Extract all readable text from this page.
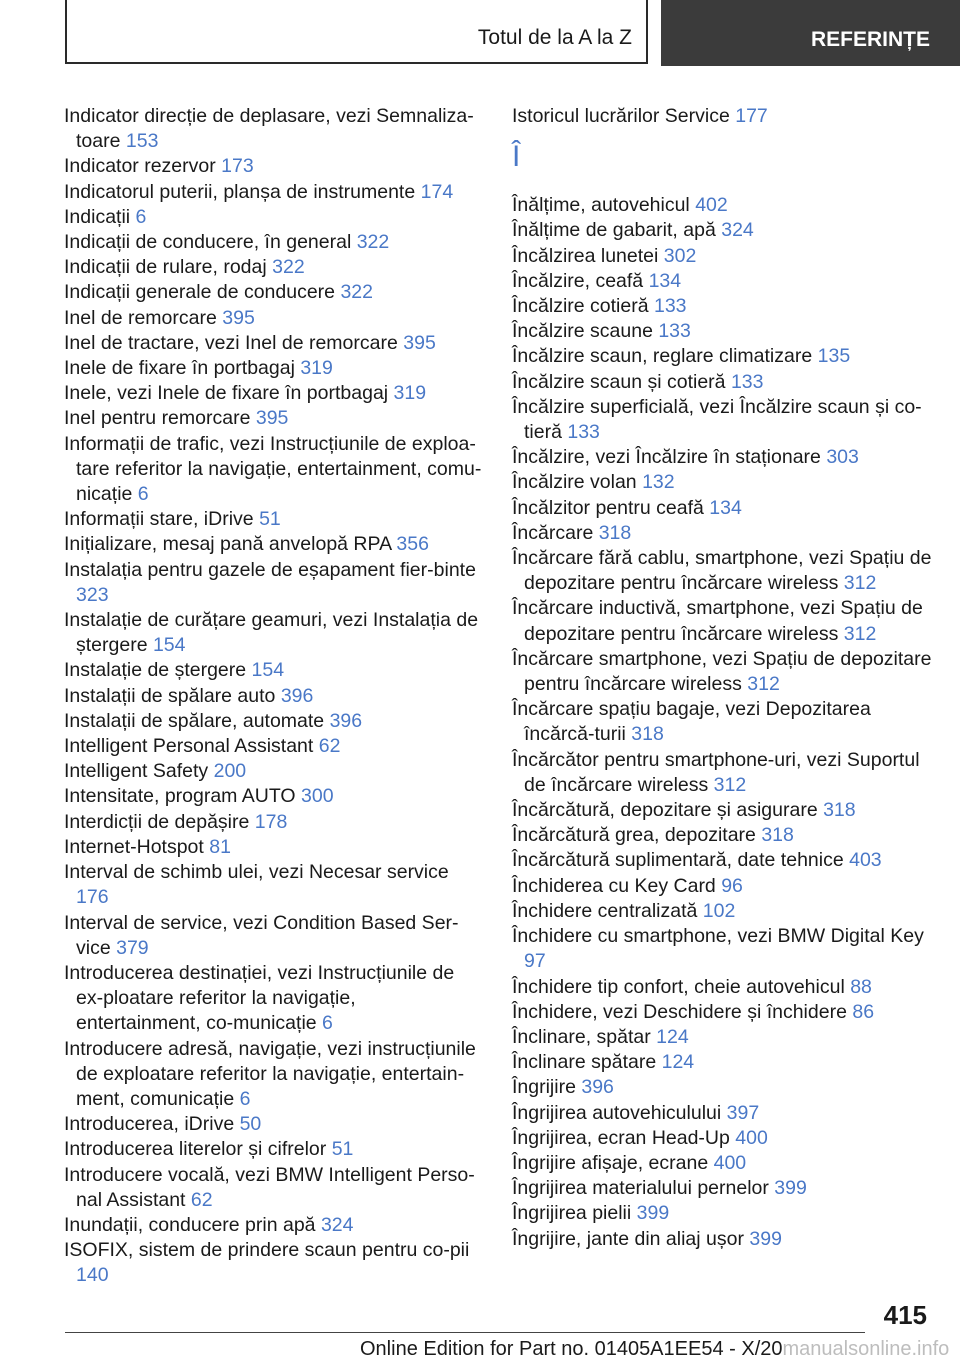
Totul de la A la Z	REFERINȚE
Indicator direcție de deplasare, vezi Semnaliza‐toare 153
Indicator rezervor 173
Indicatorul puterii, planșa de instrumente 174
Indicații 6
Indicații de conducere, în general 322
Indicații de rulare, rodaj 322
Indicații generale de conducere 322
Inel de remorcare 395
Inel de tractare, vezi Inel de remorcare 395
Inele de fixare în portbagaj 319
Inele, vezi Inele de fixare în portbagaj 319
Inel pentru remorcare 395
Informații de trafic, vezi Instrucțiunile de exploa‐tare referitor la navigație, entertainment, comu‐nicație 6
Informații stare, iDrive 51
Inițializare, mesaj pană anvelopă RPA 356
Instalația pentru gazele de eșapament fier‐binte 323
Instalație de curățare geamuri, vezi Instalația de ștergere 154
Instalație de ștergere 154
Instalații de spălare auto 396
Instalații de spălare, automate 396
Intelligent Personal Assistant 62
Intelligent Safety 200
Intensitate, program AUTO 300
Interdicții de depășire 178
Internet-Hotspot 81
Interval de schimb ulei, vezi Necesar service 176
Interval de service, vezi Condition Based Ser‐vice 379
Introducerea destinației, vezi Instrucțiunile de ex‐ploatare referitor la navigație, entertainment, co‐municație 6
Introducere adresă, navigație, vezi instrucțiunile de exploatare referitor la navigație, entertain‐ment, comunicație 6
Introducerea, iDrive 50
Introducerea literelor și cifrelor 51
Introducere vocală, vezi BMW Intelligent Perso‐nal Assistant 62
Inundații, conducere prin apă 324
ISOFIX, sistem de prindere scaun pentru co‐pii 140
Istoricul lucrărilor Service 177
Î
Înălțime, autovehicul 402
Înălțime de gabarit, apă 324
Încălzirea lunetei 302
Încălzire, ceafă 134
Încălzire cotieră 133
Încălzire scaune 133
Încălzire scaun, reglare climatizare 135
Încălzire scaun și cotieră 133
Încălzire superficială, vezi Încălzire scaun și co‐tieră 133
Încălzire, vezi Încălzire în staționare 303
Încălzire volan 132
Încălzitor pentru ceafă 134
Încărcare 318
Încărcare fără cablu, smartphone, vezi Spațiu de depozitare pentru încărcare wireless 312
Încărcare inductivă, smartphone, vezi Spațiu de depozitare pentru încărcare wireless 312
Încărcare smartphone, vezi Spațiu de depozitare pentru încărcare wireless 312
Încărcare spațiu bagaje, vezi Depozitarea încărcă‐turii 318
Încărcător pentru smartphone-uri, vezi Suportul de încărcare wireless 312
Încărcătură, depozitare și asigurare 318
Încărcătură grea, depozitare 318
Încărcătură suplimentară, date tehnice 403
Închiderea cu Key Card 96
Închidere centralizată 102
Închidere cu smartphone, vezi BMW Digital Key 97
Închidere tip confort, cheie autovehicul 88
Închidere, vezi Deschidere și închidere 86
Înclinare, spătar 124
Înclinare spătare 124
Îngrijire 396
Îngrijirea autovehiculului 397
Îngrijirea, ecran Head-Up 400
Îngrijire afișaje, ecrane 400
Îngrijirea materialului pernelor 399
Îngrijirea pielii 399
Îngrijire, jante din aliaj ușor 399
415
Online Edition for Part no. 01405A1EE54 - X/20manualsonline.info
